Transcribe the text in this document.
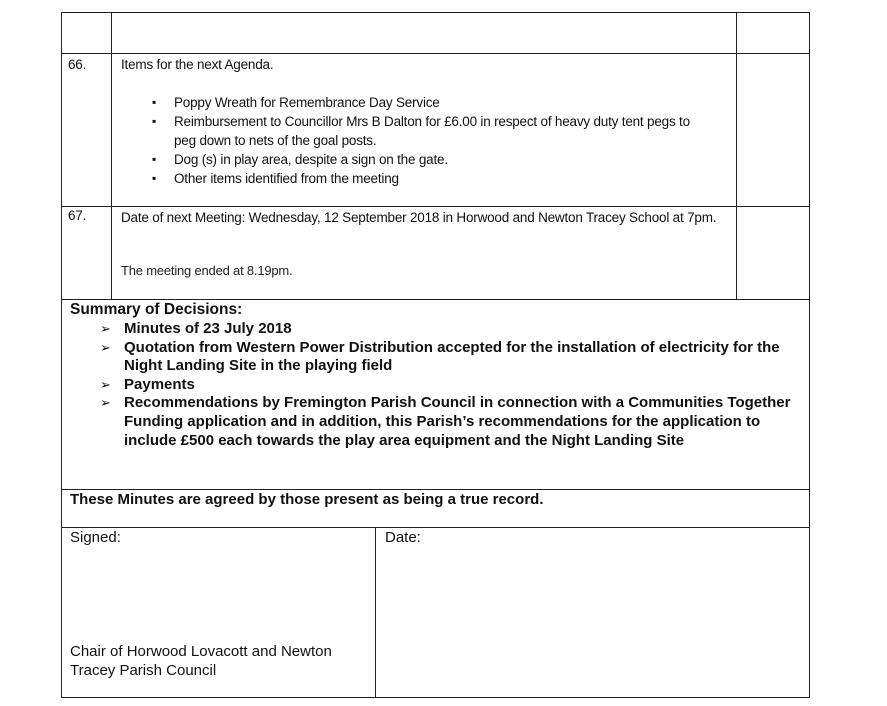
66.	Items for the next Agenda.
▪ Poppy Wreath for Remembrance Day Service
▪ Reimbursement to Councillor Mrs B Dalton for £6.00 in respect of heavy duty tent pegs to peg down to nets of the goal posts.
▪ Dog (s) in play area, despite a sign on the gate.
▪ Other items identified from the meeting
67.	Date of next Meeting: Wednesday, 12 September 2018 in Horwood and Newton Tracey School at 7pm.
The meeting ended at 8.19pm.
Summary of Decisions:
➢ Minutes of 23 July 2018
➢ Quotation from Western Power Distribution accepted for the installation of electricity for the Night Landing Site in the playing field
➢ Payments
➢ Recommendations by Fremington Parish Council in connection with a Communities Together Funding application and in addition, this Parish’s recommendations for the application to include £500 each towards the play area equipment and the Night Landing Site
These Minutes are agreed by those present as being a true record.
Signed:	Date:
Chair of Horwood Lovacott and Newton Tracey Parish Council
